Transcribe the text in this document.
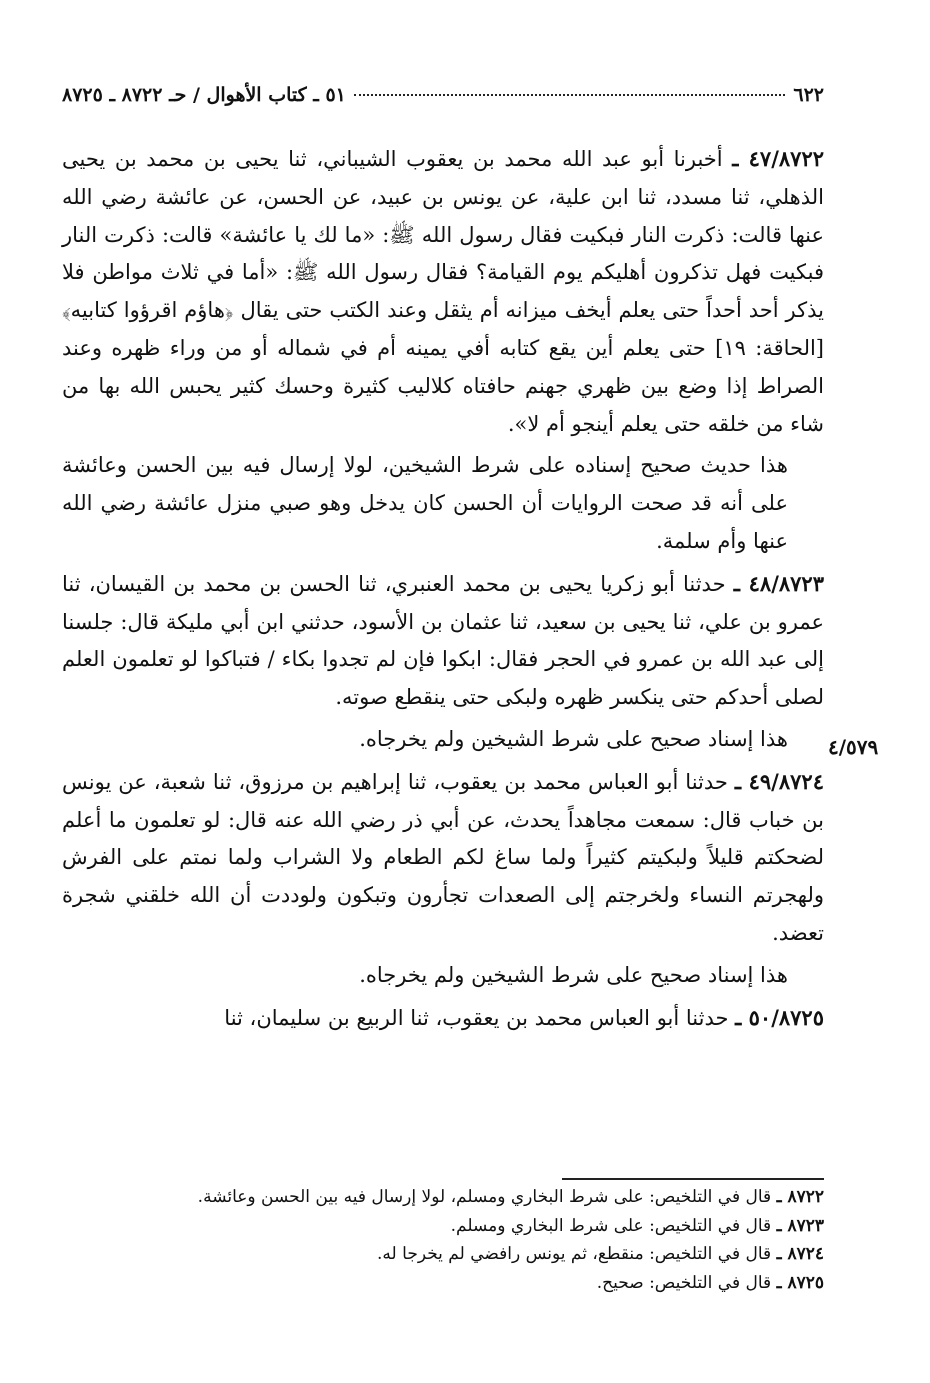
٦٢٢
٥١ ـ كتاب الأهوال / حـ ٨٧٢٢ ـ ٨٧٢٥
٤/٥٧٩

٤٧/٨٧٢٢ ـ أخبرنا أبو عبد الله محمد بن يعقوب الشيباني، ثنا يحيى بن محمد بن يحيى الذهلي، ثنا مسدد، ثنا ابن علية، عن يونس بن عبيد، عن الحسن، عن عائشة رضي الله عنها قالت: ذكرت النار فبكيت فقال رسول الله ﷺ: «ما لك يا عائشة» قالت: ذكرت النار فبكيت فهل تذكرون أهليكم يوم القيامة؟ فقال رسول الله ﷺ: «أما في ثلاث مواطن فلا يذكر أحد أحداً حتى يعلم أيخف ميزانه أم يثقل وعند الكتب حتى يقال ﴿هاؤم اقرؤوا كتابيه﴾ [الحاقة: ١٩] حتى يعلم أين يقع كتابه أفي يمينه أم في شماله أو من وراء ظهره وعند الصراط إذا وضع بين ظهري جهنم حافتاه كلاليب كثيرة وحسك كثير يحبس الله بها من شاء من خلقه حتى يعلم أينجو أم لا».

هذا حديث صحيح إسناده على شرط الشيخين، لولا إرسال فيه بين الحسن وعائشة على أنه قد صحت الروايات أن الحسن كان يدخل وهو صبي منزل عائشة رضي الله عنها وأم سلمة.

٤٨/٨٧٢٣ ـ حدثنا أبو زكريا يحيى بن محمد العنبري، ثنا الحسن بن محمد بن القيسان، ثنا عمرو بن علي، ثنا يحيى بن سعيد، ثنا عثمان بن الأسود، حدثني ابن أبي مليكة قال: جلسنا إلى عبد الله بن عمرو في الحجر فقال: ابكوا فإن لم تجدوا بكاء / فتباكوا لو تعلمون العلم لصلى أحدكم حتى ينكسر ظهره ولبكى حتى ينقطع صوته.

هذا إسناد صحيح على شرط الشيخين ولم يخرجاه.

٤٩/٨٧٢٤ ـ حدثنا أبو العباس محمد بن يعقوب، ثنا إبراهيم بن مرزوق، ثنا شعبة، عن يونس بن خباب قال: سمعت مجاهداً يحدث، عن أبي ذر رضي الله عنه قال: لو تعلمون ما أعلم لضحكتم قليلاً ولبكيتم كثيراً ولما ساغ لكم الطعام ولا الشراب ولما نمتم على الفرش ولهجرتم النساء ولخرجتم إلى الصعدات تجأرون وتبكون ولوددت أن الله خلقني شجرة تعضد.

هذا إسناد صحيح على شرط الشيخين ولم يخرجاه.

٥٠/٨٧٢٥ ـ حدثنا أبو العباس محمد بن يعقوب، ثنا الربيع بن سليمان، ثنا

٨٧٢٢ ـ قال في التلخيص: على شرط البخاري ومسلم، لولا إرسال فيه بين الحسن وعائشة.

٨٧٢٣ ـ قال في التلخيص: على شرط البخاري ومسلم.

٨٧٢٤ ـ قال في التلخيص: منقطع، ثم يونس رافضي لم يخرجا له.

٨٧٢٥ ـ قال في التلخيص: صحيح.
